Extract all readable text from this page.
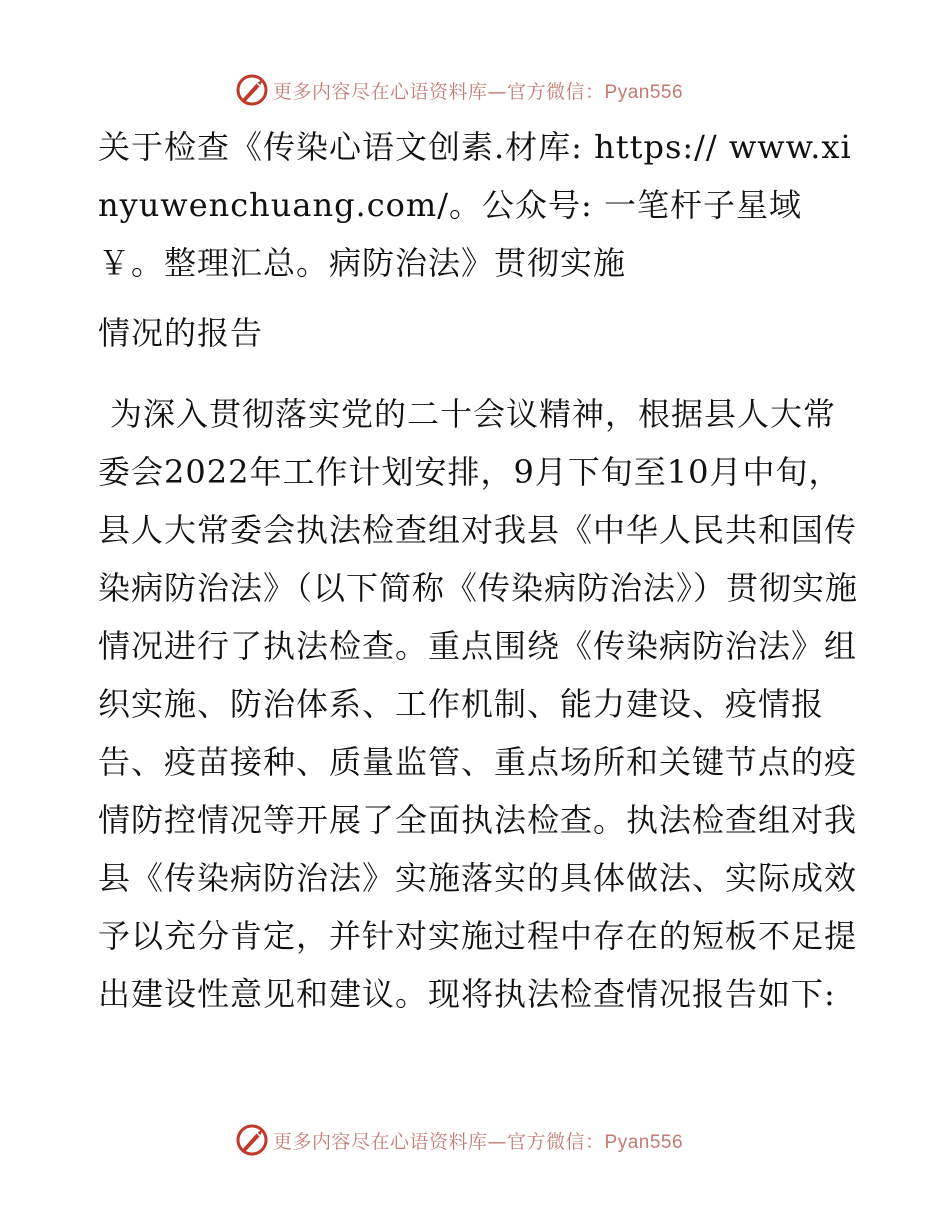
更多内容尽在心语资料库—官方微信：Pyan556

关于检查《传染心语文创素.材库: https:// www.xinyuwenchuang.com/。公众号: 一笔杆子星域￥。整理汇总。病防治法》贯彻实施

情况的报告

为深入贯彻落实党的二十会议精神，根据县人大常委会2022年工作计划安排，9月下旬至10月中旬，县人大常委会执法检查组对我县《中华人民共和国传染病防治法》（以下简称《传染病防治法》）贯彻实施情况进行了执法检查。重点围绕《传染病防治法》组织实施、防治体系、工作机制、能力建设、疫情报告、疫苗接种、质量监管、重点场所和关键节点的疫情防控情况等开展了全面执法检查。执法检查组对我县《传染病防治法》实施落实的具体做法、实际成效予以充分肯定，并针对实施过程中存在的短板不足提出建设性意见和建议。现将执法检查情况报告如下:

更多内容尽在心语资料库—官方微信：Pyan556
